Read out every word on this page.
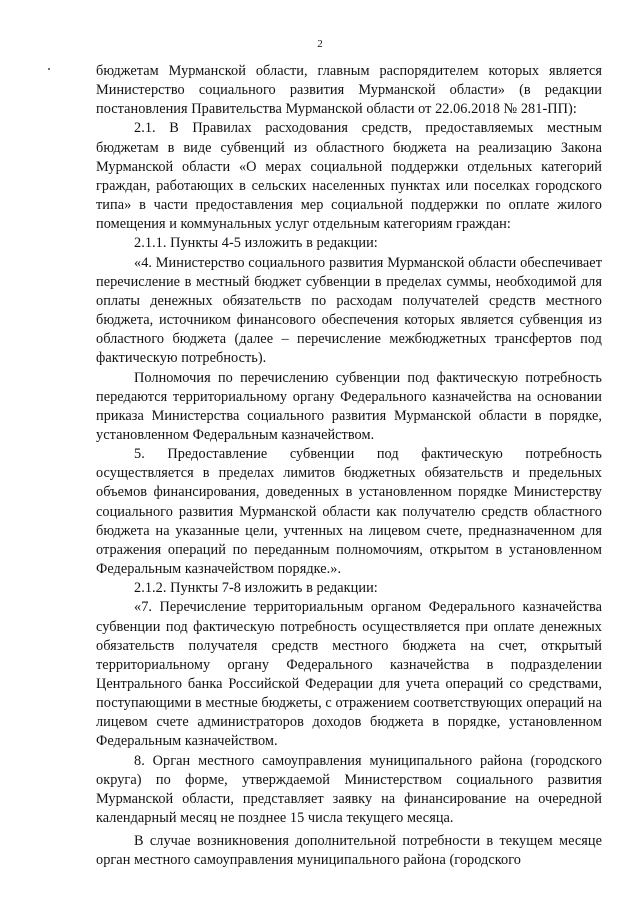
2

бюджетам Мурманской области, главным распорядителем которых является Министерство социального развития Мурманской области» (в редакции постановления Правительства Мурманской области от 22.06.2018 № 281-ПП):

2.1. В Правилах расходования средств, предоставляемых местным бюджетам в виде субвенций из областного бюджета на реализацию Закона Мурманской области «О мерах социальной поддержки отдельных категорий граждан, работающих в сельских населенных пунктах или поселках городского типа» в части предоставления мер социальной поддержки по оплате жилого помещения и коммунальных услуг отдельным категориям граждан:

2.1.1. Пункты 4-5 изложить в редакции:

«4. Министерство социального развития Мурманской области обеспечивает перечисление в местный бюджет субвенции в пределах суммы, необходимой для оплаты денежных обязательств по расходам получателей средств местного бюджета, источником финансового обеспечения которых является субвенция из областного бюджета (далее – перечисление межбюджетных трансфертов под фактическую потребность).

Полномочия по перечислению субвенции под фактическую потребность передаются территориальному органу Федерального казначейства на основании приказа Министерства социального развития Мурманской области в порядке, установленном Федеральным казначейством.

5. Предоставление субвенции под фактическую потребность осуществляется в пределах лимитов бюджетных обязательств и предельных объемов финансирования, доведенных в установленном порядке Министерству социального развития Мурманской области как получателю средств областного бюджета на указанные цели, учтенных на лицевом счете, предназначенном для отражения операций по переданным полномочиям, открытом в установленном Федеральным казначейством порядке.».

2.1.2. Пункты 7-8 изложить в редакции:

«7. Перечисление территориальным органом Федерального казначейства субвенции под фактическую потребность осуществляется при оплате денежных обязательств получателя средств местного бюджета на счет, открытый территориальному органу Федерального казначейства в подразделении Центрального банка Российской Федерации для учета операций со средствами, поступающими в местные бюджеты, с отражением соответствующих операций на лицевом счете администраторов доходов бюджета в порядке, установленном Федеральным казначейством.

8. Орган местного самоуправления муниципального района (городского округа) по форме, утверждаемой Министерством социального развития Мурманской области, представляет заявку на финансирование на очередной календарный месяц не позднее 15 числа текущего месяца.

В случае возникновения дополнительной потребности в текущем месяце орган местного самоуправления муниципального района (городского
